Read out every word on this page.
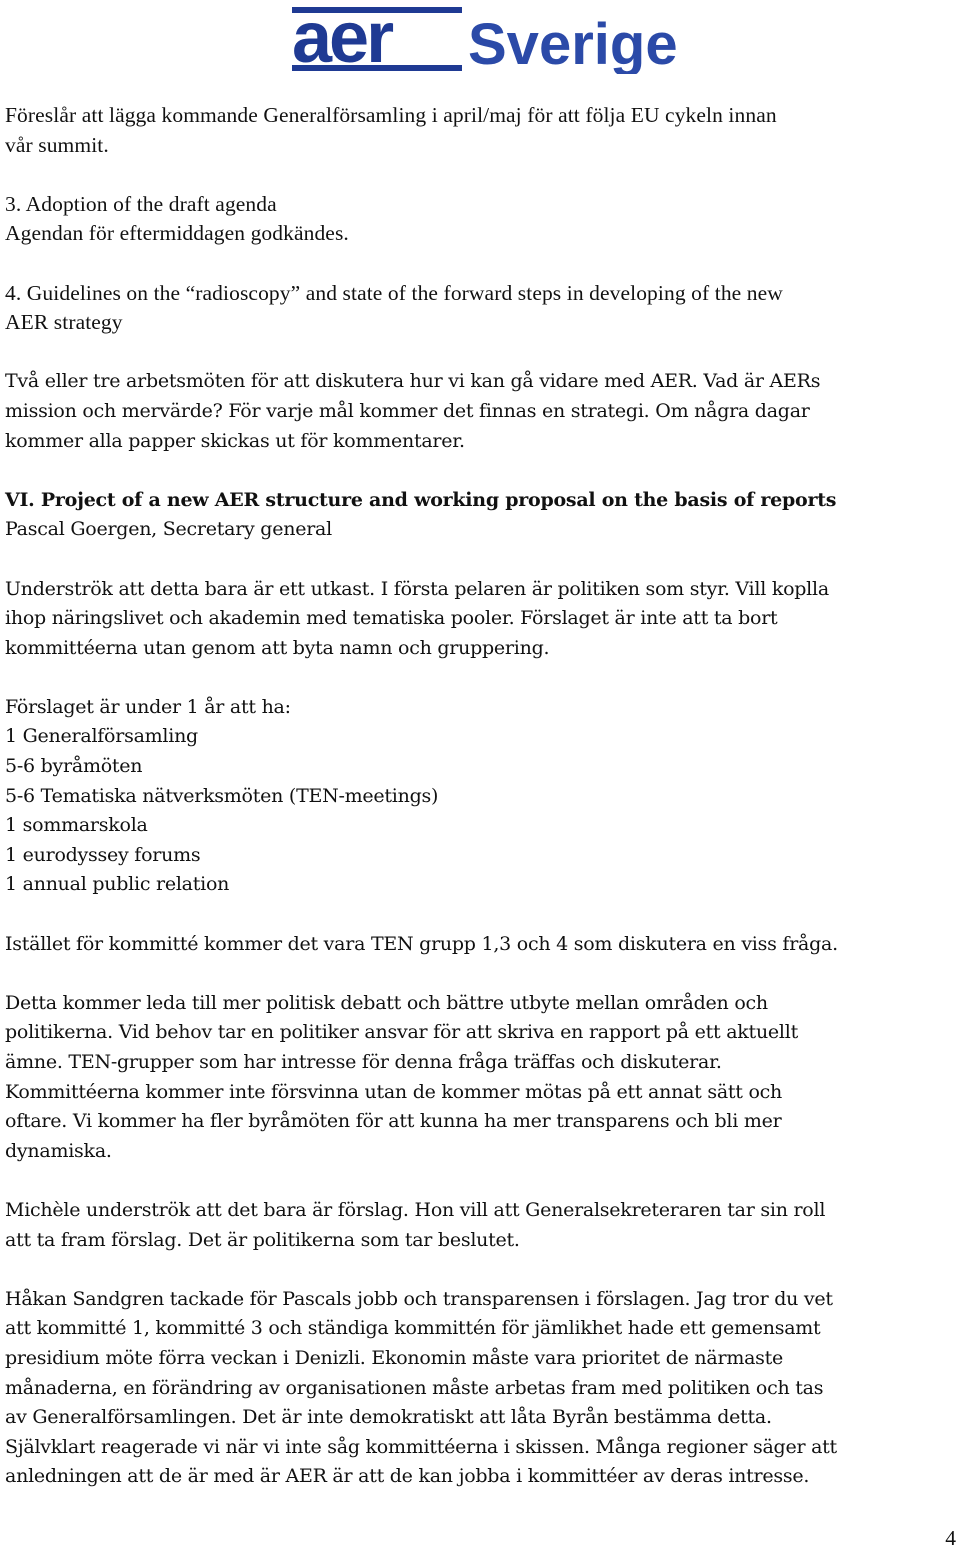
aer Sverige
Föreslår att lägga kommande Generalförsamling i april/maj för att följa EU cykeln innan
vår summit.
3. Adoption of the draft agenda
Agendan för eftermiddagen godkändes.
4. Guidelines on the “radioscopy” and state of the forward steps in developing of the new
AER strategy
Två eller tre arbetsmöten för att diskutera hur vi kan gå vidare med AER. Vad är AERs
mission och mervärde? För varje mål kommer det finnas en strategi. Om några dagar
kommer alla papper skickas ut för kommentarer.
VI. Project of a new AER structure and working proposal on the basis of reports
Pascal Goergen, Secretary general
Underströk att detta bara är ett utkast. I första pelaren är politiken som styr. Vill koplla
ihop näringslivet och akademin med tematiska pooler. Förslaget är inte att ta bort
kommittéerna utan genom att byta namn och gruppering.
Förslaget är under 1 år att ha:
1 Generalförsamling
5-6 byråmöten
5-6 Tematiska nätverksmöten (TEN-meetings)
1 sommarskola
1 eurodyssey forums
1 annual public relation
Istället för kommitté kommer det vara TEN grupp 1,3 och 4 som diskutera en viss fråga.
Detta kommer leda till mer politisk debatt och bättre utbyte mellan områden och
politikerna. Vid behov tar en politiker ansvar för att skriva en rapport på ett aktuellt
ämne. TEN-grupper som har intresse för denna fråga träffas och diskuterar.
Kommittéerna kommer inte försvinna utan de kommer mötas på ett annat sätt och
oftare. Vi kommer ha fler byråmöten för att kunna ha mer transparens och bli mer
dynamiska.
Michèle underströk att det bara är förslag. Hon vill att Generalsekreteraren tar sin roll
att ta fram förslag. Det är politikerna som tar beslutet.
Håkan Sandgren tackade för Pascals jobb och transparensen i förslagen. Jag tror du vet
att kommitté 1, kommitté 3 och ständiga kommittén för jämlikhet hade ett gemensamt
presidium möte förra veckan i Denizli. Ekonomin måste vara prioritet de närmaste
månaderna, en förändring av organisationen måste arbetas fram med politiken och tas
av Generalförsamlingen. Det är inte demokratiskt att låta Byrån bestämma detta.
Självklart reagerade vi när vi inte såg kommittéerna i skissen. Många regioner säger att
anledningen att de är med är AER är att de kan jobba i kommittéer av deras intresse.
4
